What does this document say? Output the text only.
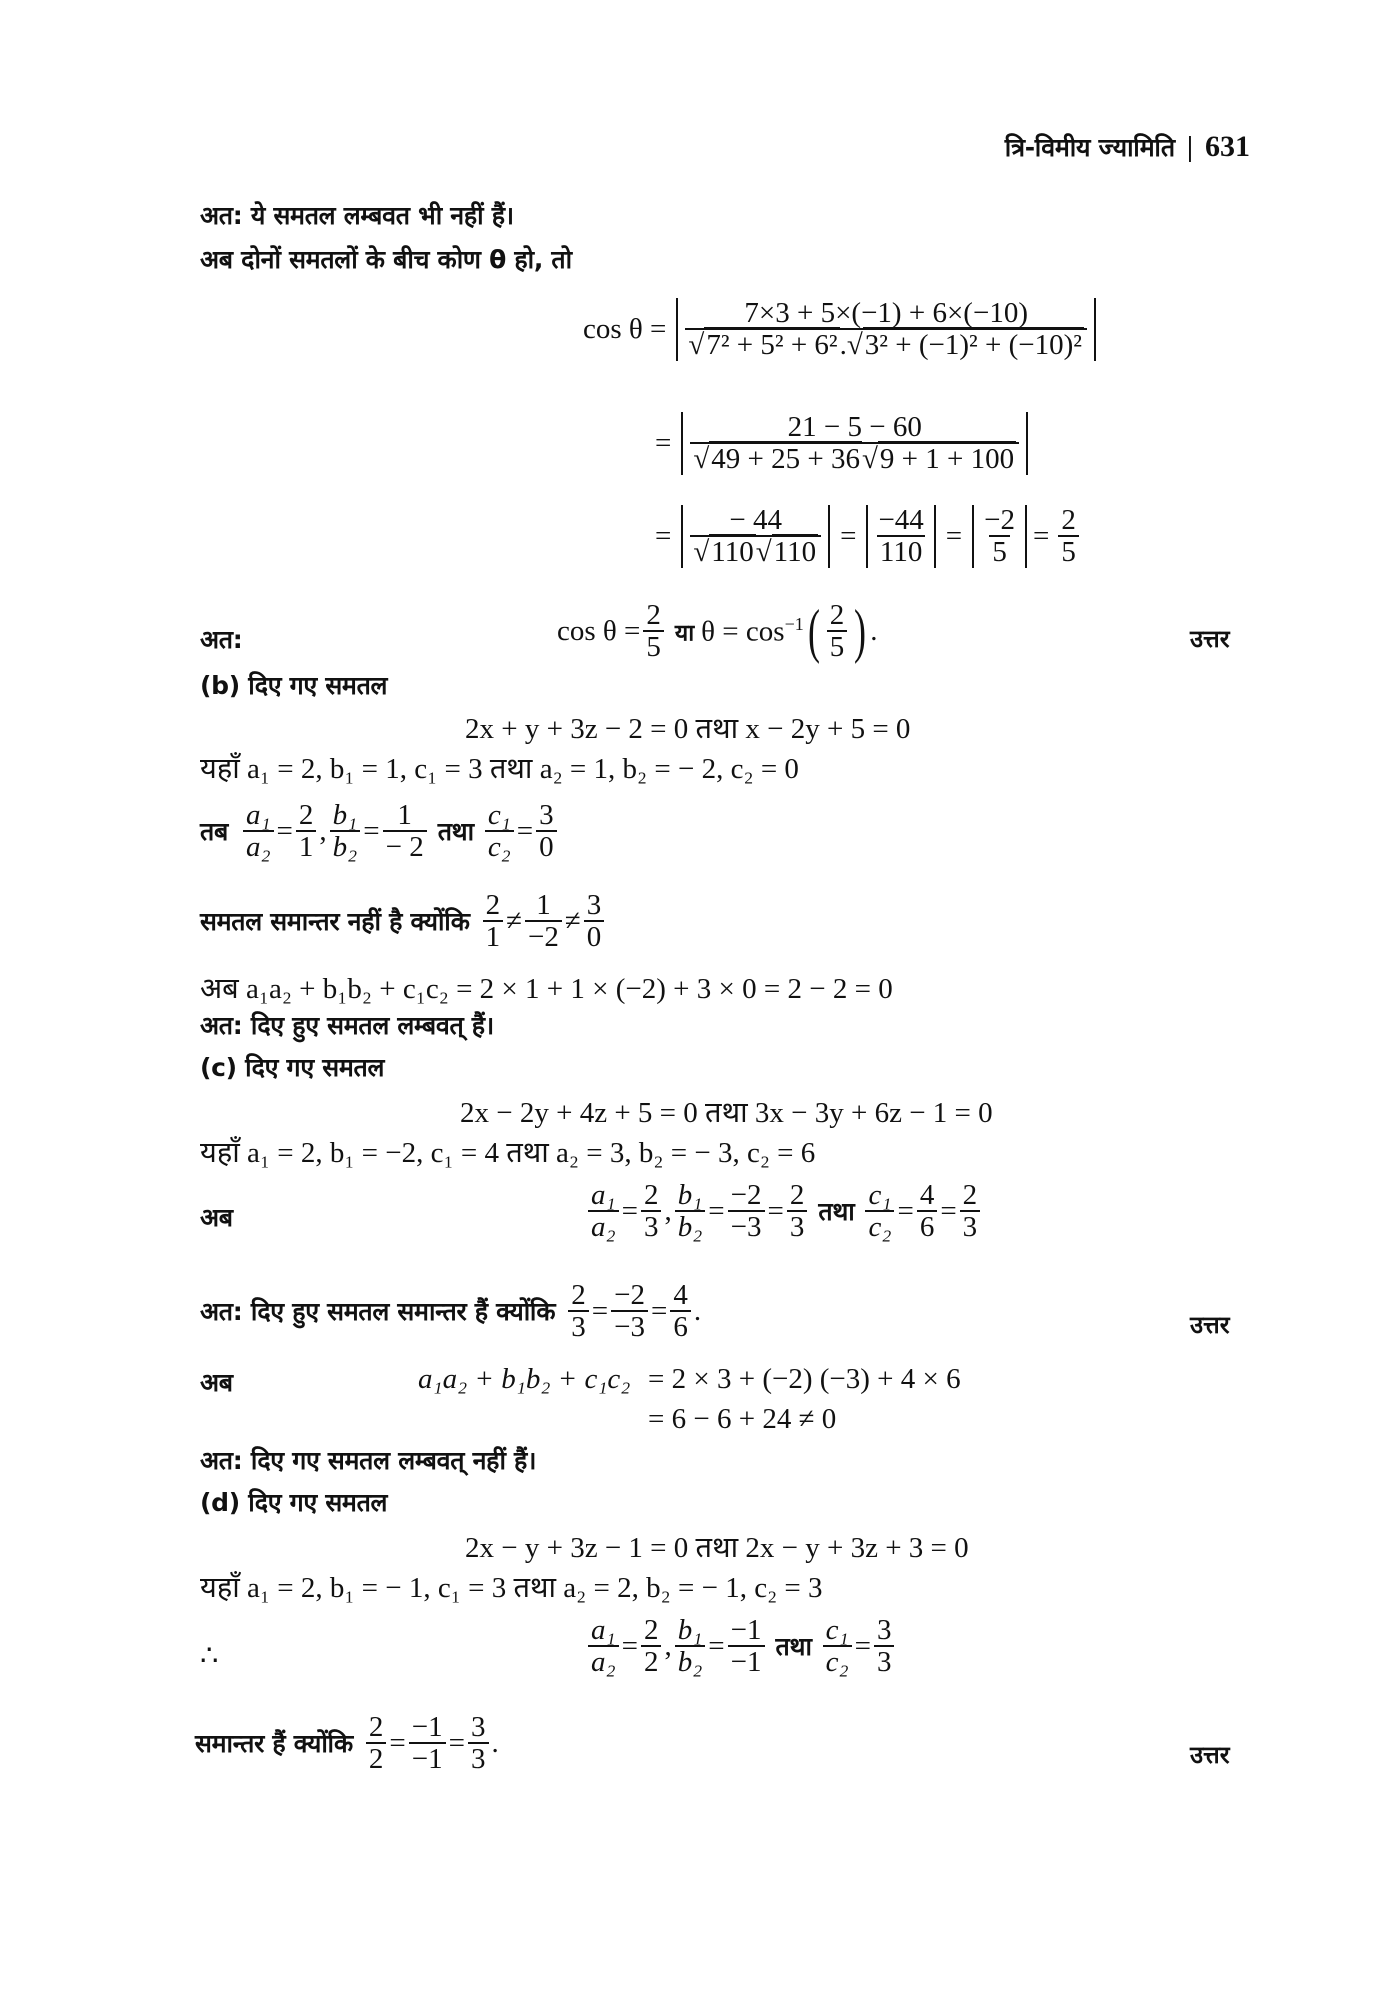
त्रि-विमीय ज्यामिति | 631
अत: ये समतल लम्बवत भी नहीं हैं।
अब दोनों समतलों के बीच कोण θ हो, तो
$\cos \theta = \frac{7\times 3 + 5\times(-1) + 6\times(-10)}{\text{√7² + 5² + 6².√3² + (−1)² + (−10)²}}$
= $\frac{21 - 5 - 60}{√49 + 25 + 36√9 + 1 + 100}$
= $\frac{- 44}{√110√110} = \frac{-44}{110} = \frac{-2}{5} = \frac{2}{5}$
अत:	$\cos \theta = \frac{2}{5}$ या $\theta = \cos^{-1}$ ( $\frac{2}{5}$ ) .	उत्तर
(b) दिए गए समतल
2x + y + 3z − 2 = 0 तथा x − 2y + 5 = 0
यहाँ a₁ = 2, b₁ = 1, c₁ = 3 तथा a₂ = 1, b₂ = − 2, c₂ = 0
तब $\frac{\text{a₁}}{\text{a₂}} = \frac{2}{1}$ , $\frac{\text{b₁}}{\text{b₂}} = \frac{1}{- 2}$ तथा $\frac{\text{c₁}}{\text{c₂}} = \frac{3}{0}$
समतल समान्तर नहीं है क्योंकि $\frac{2}{1} \ne \frac{1}{-2} \ne \frac{3}{0}$
अब a₁a₂ + b₁b₂ + c₁c₂ = 2 × 1 + 1 × (−2) + 3 × 0 = 2 − 2 = 0
अत: दिए हुए समतल लम्बवत् हैं।
(c) दिए गए समतल
2x − 2y + 4z + 5 = 0 तथा 3x − 3y + 6z − 1 = 0
यहाँ a₁ = 2, b₁ = −2, c₁ = 4 तथा a₂ = 3, b₂ = − 3, c₂ = 6
अब	$\frac{\text{a₁}}{\text{a₂}} = \frac{2}{3}$ , $\frac{\text{b₁}}{\text{b₂}} = \frac{-2}{-3} = \frac{2}{3}$ तथा $\frac{\text{c₁}}{\text{c₂}} = \frac{4}{6} = \frac{2}{3}$
अत: दिए हुए समतल समान्तर हैं क्योंकि $\frac{2}{3} = \frac{-2}{-3} = \frac{4}{6}$ .	उत्तर
अब	a₁a₂ + b₁b₂ + c₁c₂ = 2 × 3 + (−2) (−3) + 4 × 6
= 6 − 6 + 24 ≠ 0
अत: दिए गए समतल लम्बवत् नहीं हैं।
(d) दिए गए समतल
2x − y + 3z − 1 = 0 तथा 2x − y + 3z + 3 = 0
यहाँ a₁ = 2, b₁ = − 1, c₁ = 3 तथा a₂ = 2, b₂ = − 1, c₂ = 3
∴	$\frac{\text{a₁}}{\text{a₂}} = \frac{2}{2}$ , $\frac{\text{b₁}}{\text{b₂}} = \frac{-1}{-1}$ तथा $\frac{\text{c₁}}{\text{c₂}} = \frac{3}{3}$
समान्तर हैं क्योंकि $\frac{2}{2} = \frac{-1}{-1} = \frac{3}{3}$ .	उत्तर
